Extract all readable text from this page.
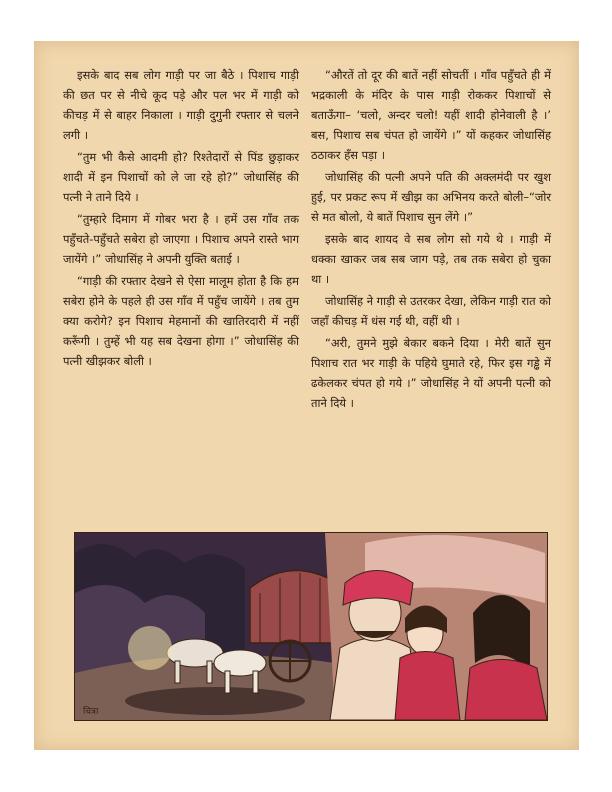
इसके बाद सब लोग गाड़ी पर जा बैठे । पिशाच गाड़ी की छत पर से नीचे कूद पड़े और पल भर में गाड़ी को कीचड़ में से बाहर निकाला । गाड़ी दुगुनी रफ्तार से चलने लगी ।

“तुम भी कैसे आदमी हो? रिश्तेदारों से पिंड छुड़ाकर शादी में इन पिशाचों को ले जा रहे हो?” जोधासिंह की पत्नी ने ताने दिये ।

“तुम्हारे दिमाग में गोबर भरा है । हमें उस गाँव तक पहुँचते-पहुँचते सबेरा हो जाएगा । पिशाच अपने रास्ते भाग जायेंगे ।” जोधासिंह ने अपनी युक्ति बताई ।

“गाड़ी की रफ्तार देखने से ऐसा मालूम होता है कि हम सबेरा होने के पहले ही उस गाँव में पहुँच जायेंगे । तब तुम क्या करोगे? इन पिशाच मेहमानों की खातिरदारी में नहीं करूँगी । तुम्हें भी यह सब देखना होगा ।” जोधासिंह की पत्नी खीझकर बोली ।

“औरतें तो दूर की बातें नहीं सोचतीं । गाँव पहुँचते ही में भद्रकाली के मंदिर के पास गाड़ी रोककर पिशाचों से बताऊँगा– ‘चलो, अन्दर चलो! यहीं शादी होनेवाली है ।’ बस, पिशाच सब चंपत हो जायेंगे ।” यों कहकर जोधासिंह ठठाकर हँस पड़ा ।

जोधासिंह की पत्नी अपने पति की अक्लमंदी पर खुश हुई, पर प्रकट रूप में खीझ का अभिनय करते बोली–“जोर से मत बोलो, ये बातें पिशाच सुन लेंगे ।”

इसके बाद शायद वे सब लोग सो गये थे । गाड़ी में धक्का खाकर जब सब जाग पड़े, तब तक सबेरा हो चुका था ।

जोधासिंह ने गाड़ी से उतरकर देखा, लेकिन गाड़ी रात को जहाँ कीचड़ में धंस गई थी, वहीं थी ।

“अरी, तुमने मुझे बेकार बकने दिया । मेरी बातें सुन पिशाच रात भर गाड़ी के पहिये घुमाते रहे, फिर इस गड्ढे में ढकेलकर चंपत हो गये ।” जोधासिंह ने यों अपनी पत्नी को ताने दिये ।

चित्रा
